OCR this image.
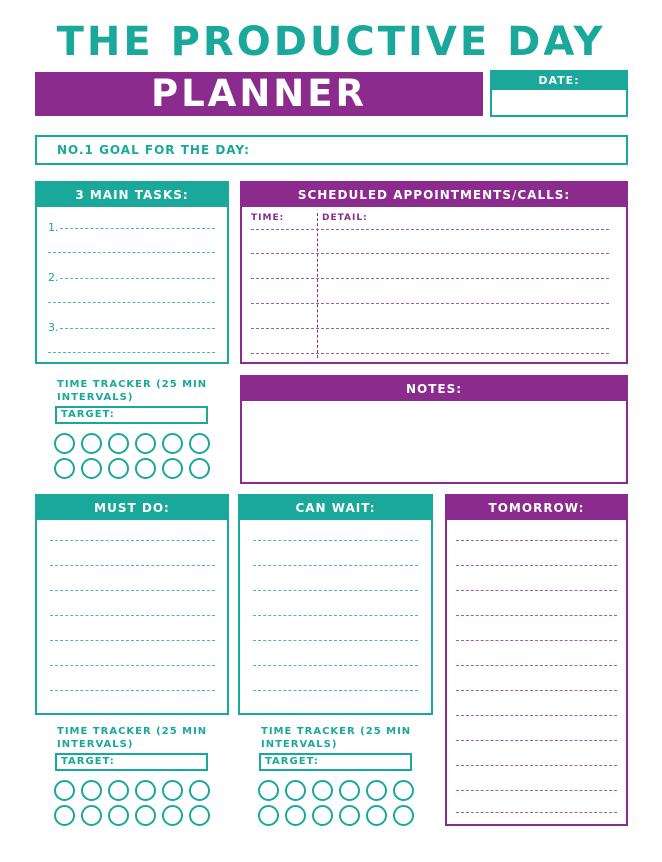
THE PRODUCTIVE DAY
PLANNER	DATE:
NO.1 GOAL FOR THE DAY:
3 MAIN TASKS:
1.
2.
3.
SCHEDULED APPOINTMENTS/CALLS:
TIME:	DETAIL:
TIME TRACKER (25 MIN INTERVALS)
TARGET:
NOTES:
MUST DO:	CAN WAIT:	TOMORROW:
TIME TRACKER (25 MIN INTERVALS)
TARGET:
TIME TRACKER (25 MIN INTERVALS)
TARGET:
